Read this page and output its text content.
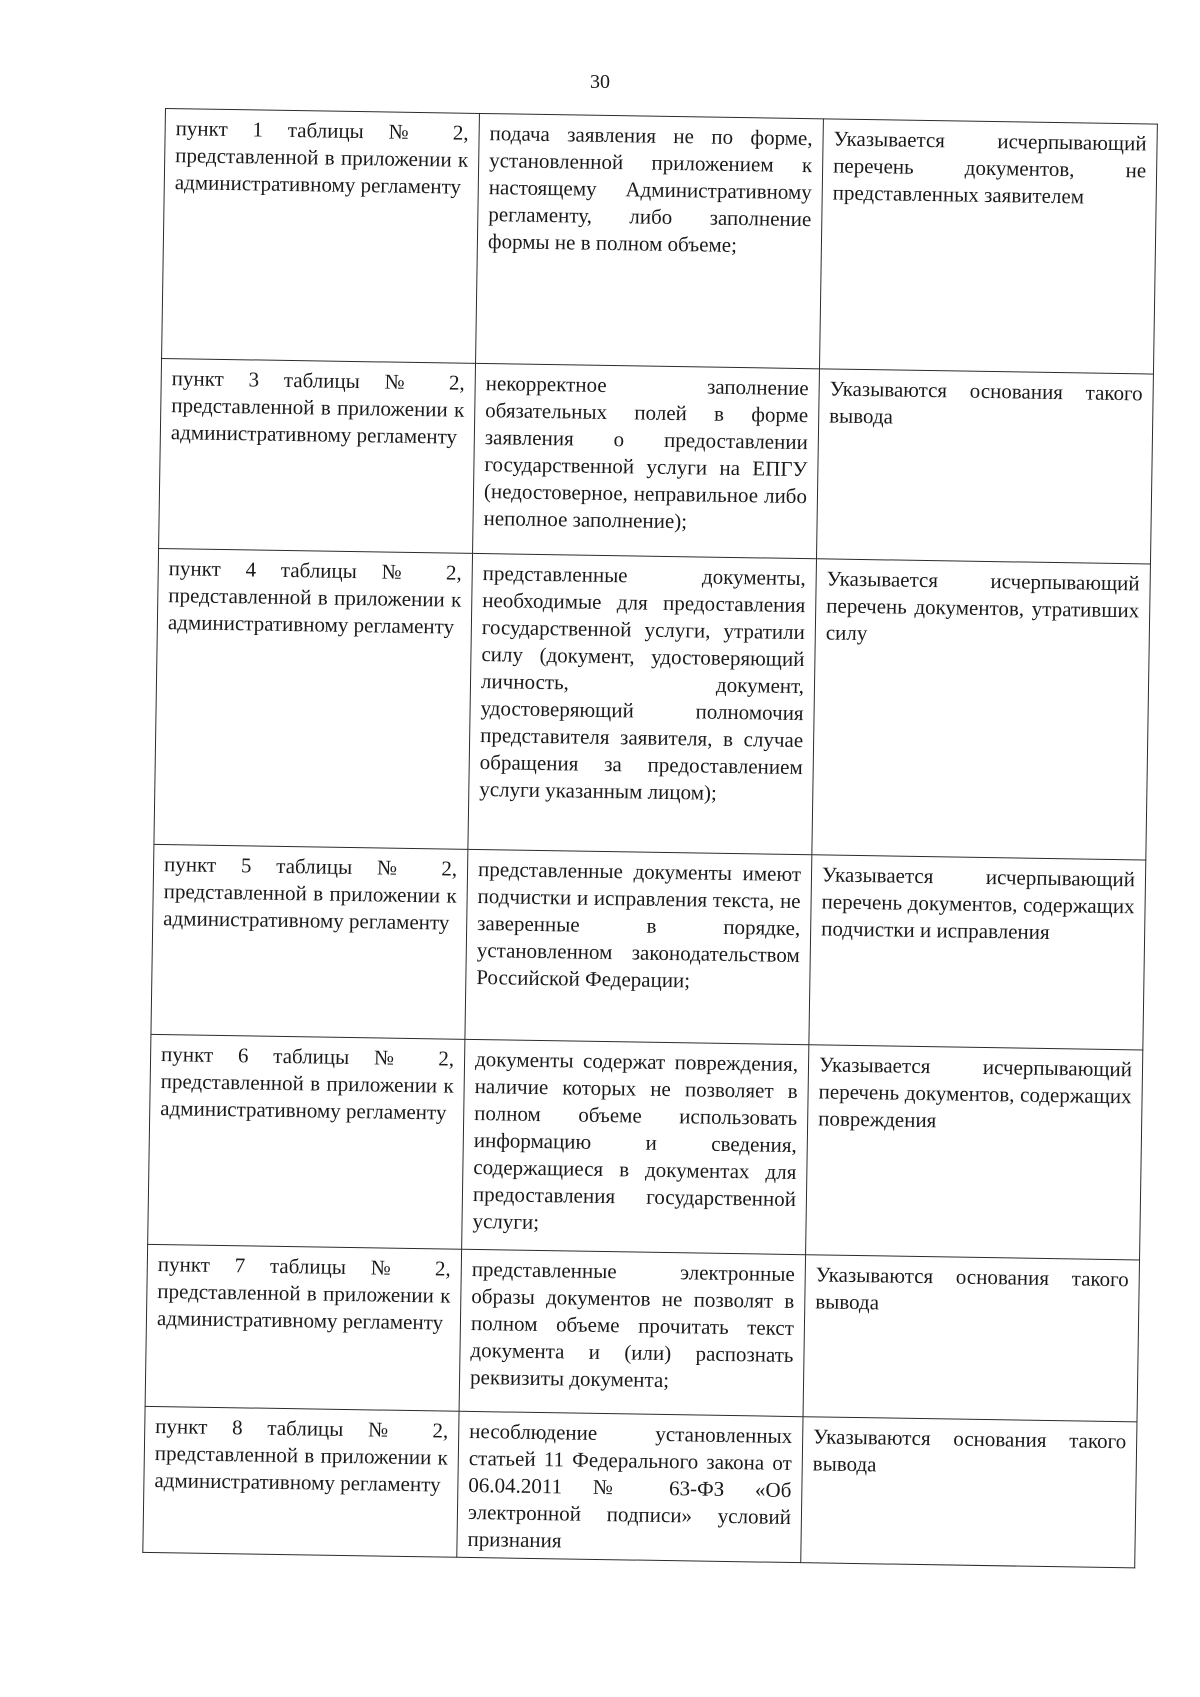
30
пункт 1 таблицы № 2, представленной в приложении к административному регламенту	подача заявления не по форме, установленной приложением к настоящему Административному регламенту, либо заполнение формы не в полном объеме;	Указывается исчерпывающий перечень документов, не представленных заявителем
пункт 3 таблицы № 2, представленной в приложении к административному регламенту	некорректное заполнение обязательных полей в форме заявления о предоставлении государственной услуги на ЕПГУ (недостоверное, неправильное либо неполное заполнение);	Указываются основания такого вывода
пункт 4 таблицы № 2, представленной в приложении к административному регламенту	представленные документы, необходимые для предоставления государственной услуги, утратили силу (документ, удостоверяющий личность, документ, удостоверяющий полномочия представителя заявителя, в случае обращения за предоставлением услуги указанным лицом);	Указывается исчерпывающий перечень документов, утративших силу
пункт 5 таблицы № 2, представленной в приложении к административному регламенту	представленные документы имеют подчистки и исправления текста, не заверенные в порядке, установленном законодательством Российской Федерации;	Указывается исчерпывающий перечень документов, содержащих подчистки и исправления
пункт 6 таблицы № 2, представленной в приложении к административному регламенту	документы содержат повреждения, наличие которых не позволяет в полном объеме использовать информацию и сведения, содержащиеся в документах для предоставления государственной услуги;	Указывается исчерпывающий перечень документов, содержащих повреждения
пункт 7 таблицы № 2, представленной в приложении к административному регламенту	представленные электронные образы документов не позволят в полном объеме прочитать текст документа и (или) распознать реквизиты документа;	Указываются основания такого вывода
пункт 8 таблицы № 2, представленной в приложении к административному регламенту	несоблюдение установленных статьей 11 Федерального закона от 06.04.2011 № 63-ФЗ «Об электронной подписи» условий признания	Указываются основания такого вывода
